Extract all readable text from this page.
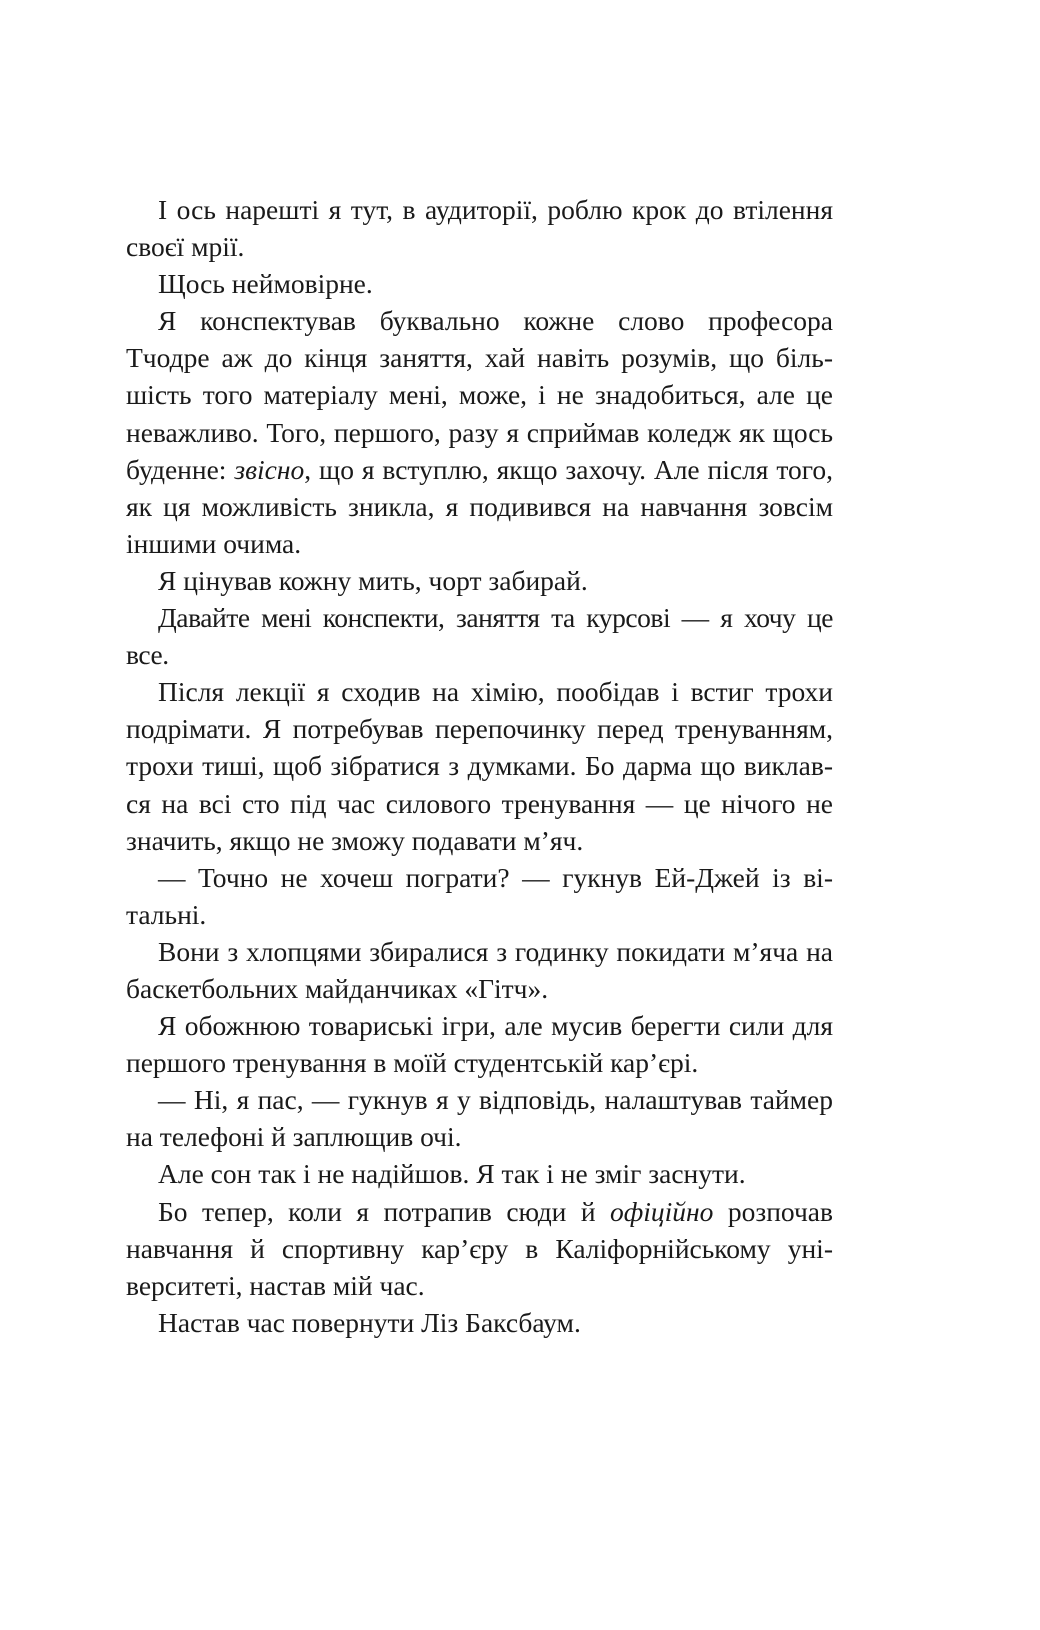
І ось нарешті я тут, в аудиторії, роблю крок до втілення своєї мрії.

Щось неймовірне.

Я конспектував буквально кожне слово професора Тчодре аж до кінця заняття, хай навіть розумів, що більшість того матеріалу мені, може, і не знадобиться, але це неважливо. Того, першого, разу я сприймав коледж як щось буденне: звісно, що я вступлю, якщо захочу. Але після того, як ця можливість зникла, я подивився на навчання зовсім іншими очима.

Я цінував кожну мить, чорт забирай.

Давайте мені конспекти, заняття та курсові — я хочу це все.

Після лекції я сходив на хімію, пообідав і встиг трохи подрімати. Я потребував перепочинку перед тренуванням, трохи тиші, щоб зібратися з думками. Бо дарма що виклався на всі сто під час силового тренування — це нічого не значить, якщо не зможу подавати м’яч.

— Точно не хочеш пограти? — гукнув Ей-Джей із вітальні.

Вони з хлопцями збиралися з годинку покидати м’яча на баскетбольних майданчиках «Гітч».

Я обожнюю товариські ігри, але мусив берегти сили для першого тренування в моїй студентській кар’єрі.

— Ні, я пас, — гукнув я у відповідь, налаштував таймер на телефоні й заплющив очі.

Але сон так і не надійшов. Я так і не зміг заснути.

Бо тепер, коли я потрапив сюди й офіційно розпочав навчання й спортивну кар’єру в Каліфорнійському університеті, настав мій час.

Настав час повернути Ліз Баксбаум.
